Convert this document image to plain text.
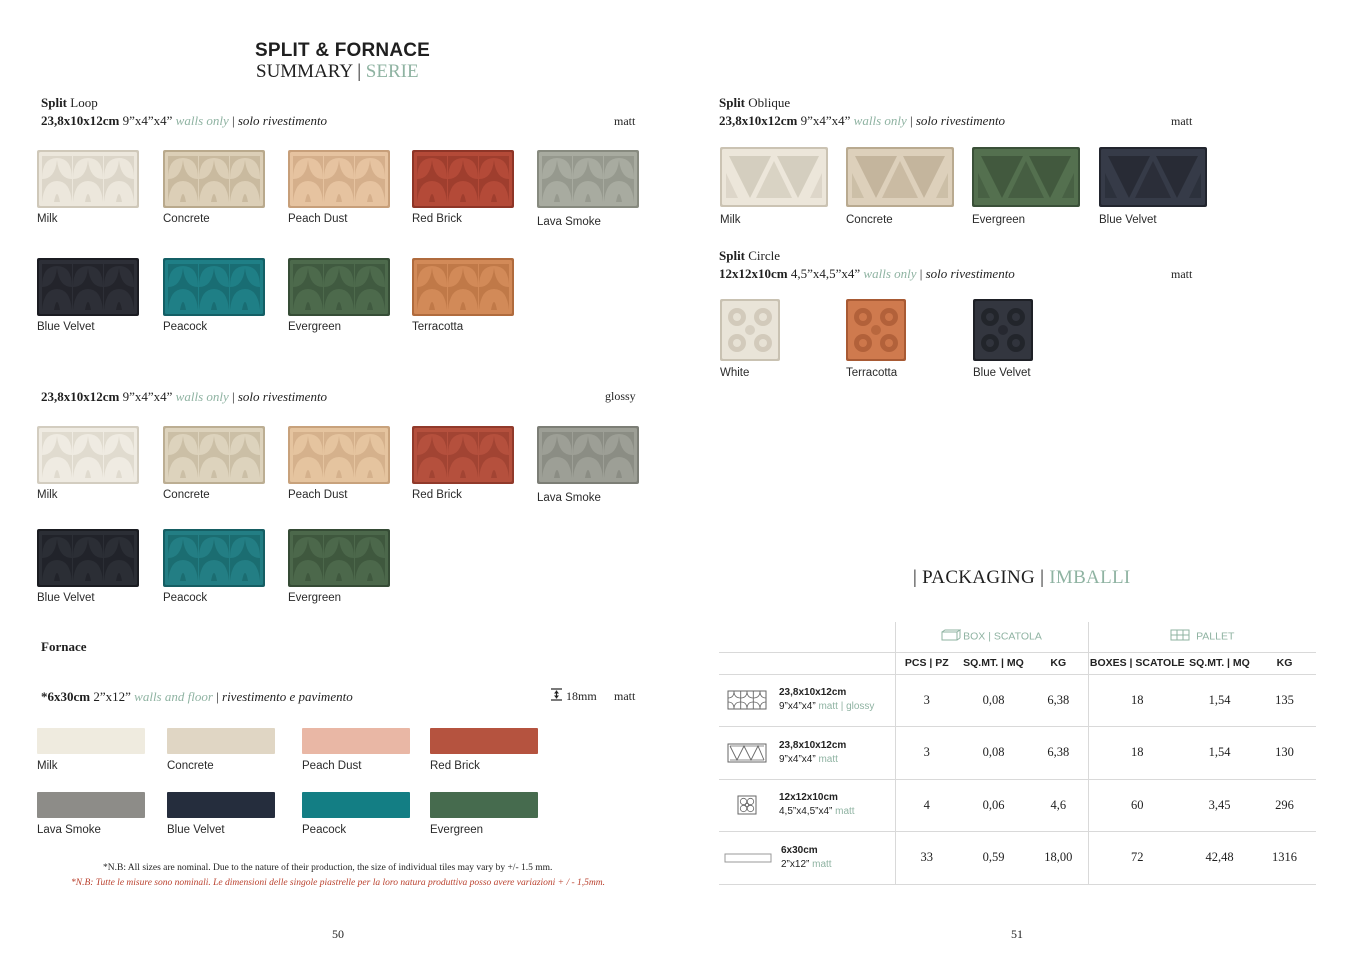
SPLIT & FORNACE
SUMMARY | SERIE
Split Loop
23,8x10x12cm 9”x4”x4” walls only | solo rivestimento	matt
Milk	Concrete	Peach Dust	Red Brick	Lava Smoke
Blue Velvet	Peacock	Evergreen	Terracotta
23,8x10x12cm 9”x4”x4” walls only | solo rivestimento	glossy
Milk	Concrete	Peach Dust	Red Brick	Lava Smoke
Blue Velvet	Peacock	Evergreen
Fornace
*6x30cm 2”x12” walls and floor | rivestimento e pavimento	18mm matt
Milk	Concrete	Peach Dust	Red Brick
Lava Smoke	Blue Velvet	Peacock	Evergreen
*N.B: All sizes are nominal. Due to the nature of their production, the size of individual tiles may vary by +/- 1.5 mm.
*N.B: Tutte le misure sono nominali. Le dimensioni delle singole piastrelle per la loro natura produttiva posso avere variazioni + / - 1,5mm.
50
Split Oblique
23,8x10x12cm 9”x4”x4” walls only | solo rivestimento	matt
Milk	Concrete	Evergreen	Blue Velvet
Split Circle
12x12x10cm 4,5”x4,5”x4” walls only | solo rivestimento	matt
White	Terracotta	Blue Velvet
| PACKAGING | IMBALLI
	BOX | SCATOLA			PALLET		
	PCS | PZ	SQ.MT. | MQ	KG	BOXES | SCATOLE	SQ.MT. | MQ	KG

23,8x10x12cm
9”x4”x4” matt | glossy	3	0,08	6,38	18	1,54	135

23,8x10x12cm
9”x4”x4” matt	3	0,08	6,38	18	1,54	130

12x12x10cm
4,5”x4,5”x4” matt	4	0,06	4,6	60	3,45	296

6x30cm
2”x12” matt	33	0,59	18,00	72	42,48	1316
51
